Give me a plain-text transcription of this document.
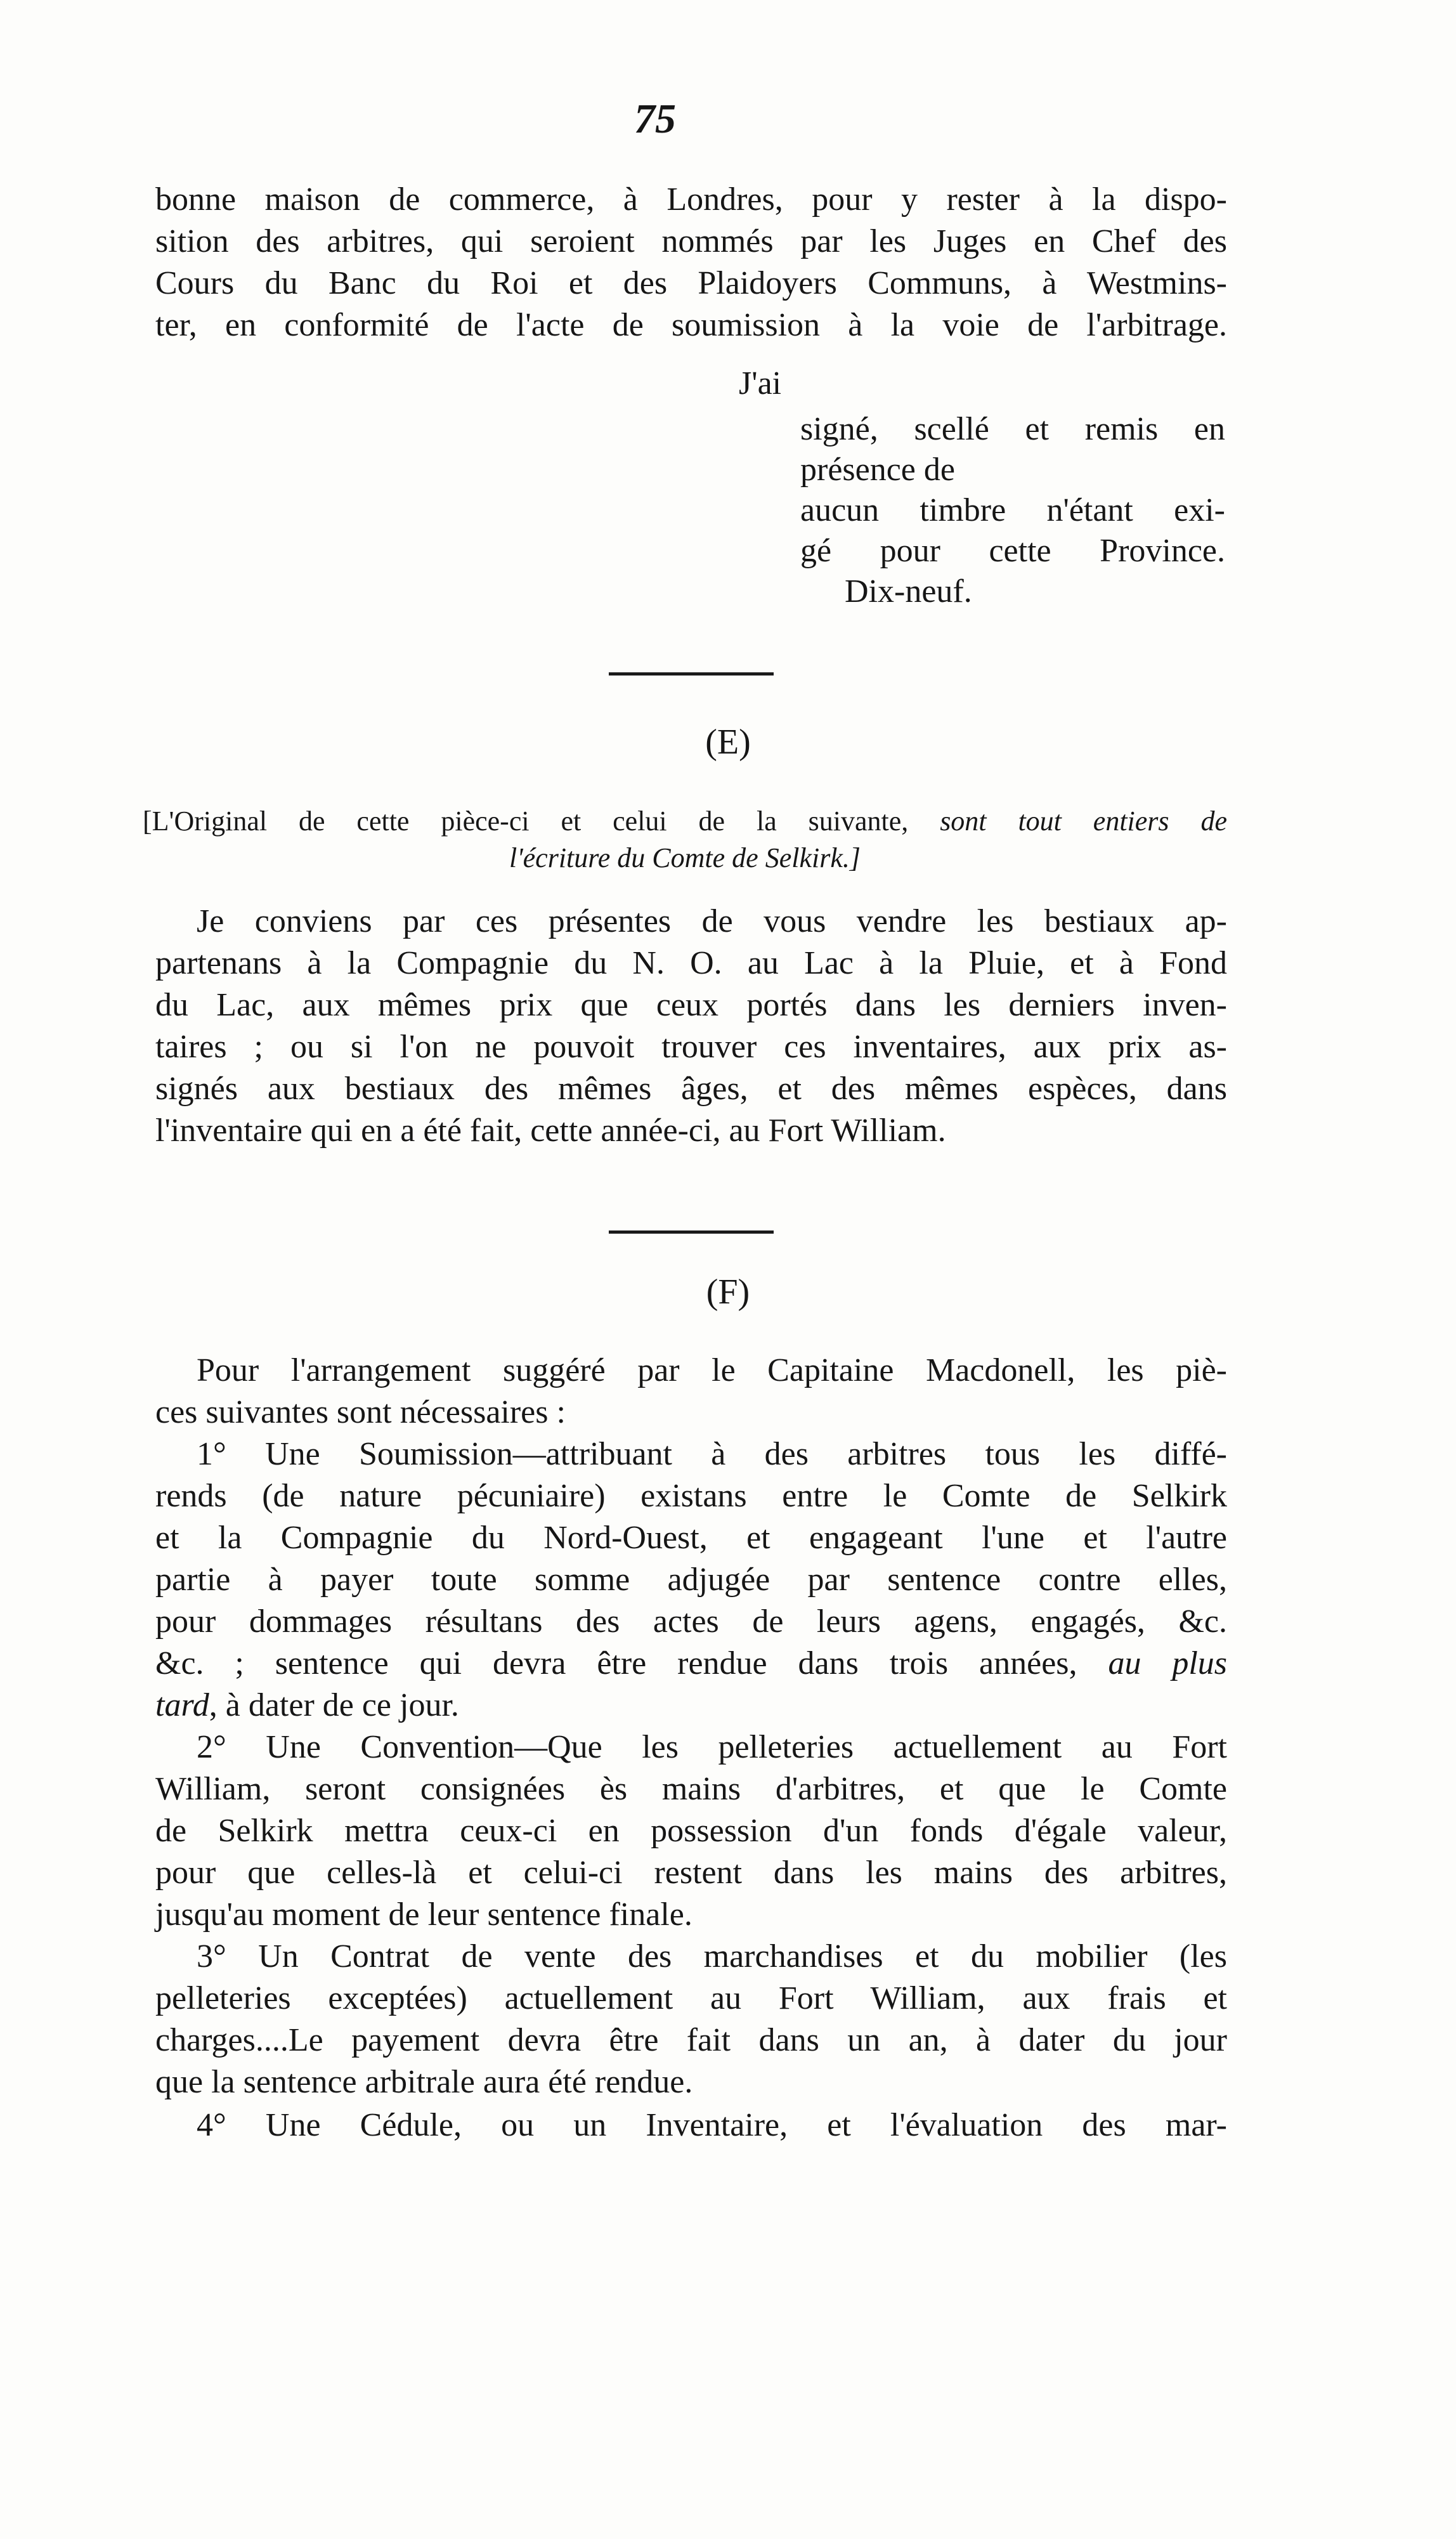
75
bonne maison de commerce, à Londres, pour y rester à la dispo-
sition des arbitres, qui seroient nommés par les Juges en Chef des
Cours du Banc du Roi et des Plaidoyers Communs, à Westmins-
ter, en conformité de l'acte de soumission à la voie de l'arbitrage.
J'ai
signé, scellé et remis en
présence de
aucun timbre n'étant exi-
gé pour cette Province.
Dix-neuf.
(E)
[L'Original de cette pièce-ci et celui de la suivante, sont tout entiers de
l'écriture du Comte de Selkirk.]
Je conviens par ces présentes de vous vendre les bestiaux ap-
partenans à la Compagnie du N. O. au Lac à la Pluie, et à Fond
du Lac, aux mêmes prix que ceux portés dans les derniers inven-
taires ; ou si l'on ne pouvoit trouver ces inventaires, aux prix as-
signés aux bestiaux des mêmes âges, et des mêmes espèces, dans
l'inventaire qui en a été fait, cette année-ci, au Fort William.
(F)
Pour l'arrangement suggéré par le Capitaine Macdonell, les piè-
ces suivantes sont nécessaires :
1° Une Soumission—attribuant à des arbitres tous les diffé-
rends (de nature pécuniaire) existans entre le Comte de Selkirk
et la Compagnie du Nord-Ouest, et engageant l'une et l'autre
partie à payer toute somme adjugée par sentence contre elles,
pour dommages résultans des actes de leurs agens, engagés, &c.
&c. ; sentence qui devra être rendue dans trois années, au plus
tard, à dater de ce jour.
2° Une Convention—Que les pelleteries actuellement au Fort
William, seront consignées ès mains d'arbitres, et que le Comte
de Selkirk mettra ceux-ci en possession d'un fonds d'égale valeur,
pour que celles-là et celui-ci restent dans les mains des arbitres,
jusqu'au moment de leur sentence finale.
3° Un Contrat de vente des marchandises et du mobilier (les
pelleteries exceptées) actuellement au Fort William, aux frais et
charges....Le payement devra être fait dans un an, à dater du jour
que la sentence arbitrale aura été rendue.
4° Une Cédule, ou un Inventaire, et l'évaluation des mar-
